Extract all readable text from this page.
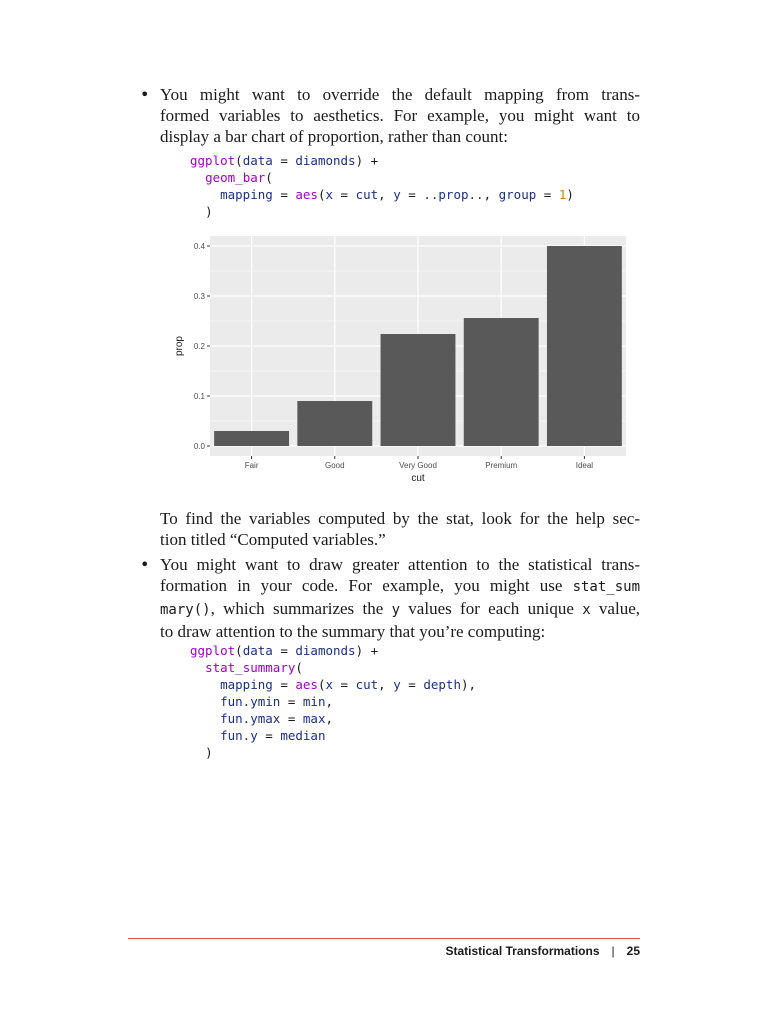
• You might want to override the default mapping from trans-
formed variables to aesthetics. For example, you might want to
display a bar chart of proportion, rather than count:
ggplot(data = diamonds) +
geom_bar(
mapping = aes(x = cut, y = ..prop.., group = 1)
)
0.0
0.1
0.2
0.3
0.4
Fair	Good	Very Good	Premium	Ideal
prop
cut
To find the variables computed by the stat, look for the help sec-
tion titled “Computed variables.”
• You might want to draw greater attention to the statistical trans-
formation in your code. For example, you might use stat_sum
mary(), which summarizes the y values for each unique x value,
to draw attention to the summary that you’re computing:
ggplot(data = diamonds) +
stat_summary(
mapping = aes(x = cut, y = depth),
fun.ymin = min,
fun.ymax = max,
fun.y = median
)
Statistical Transformations | 25
